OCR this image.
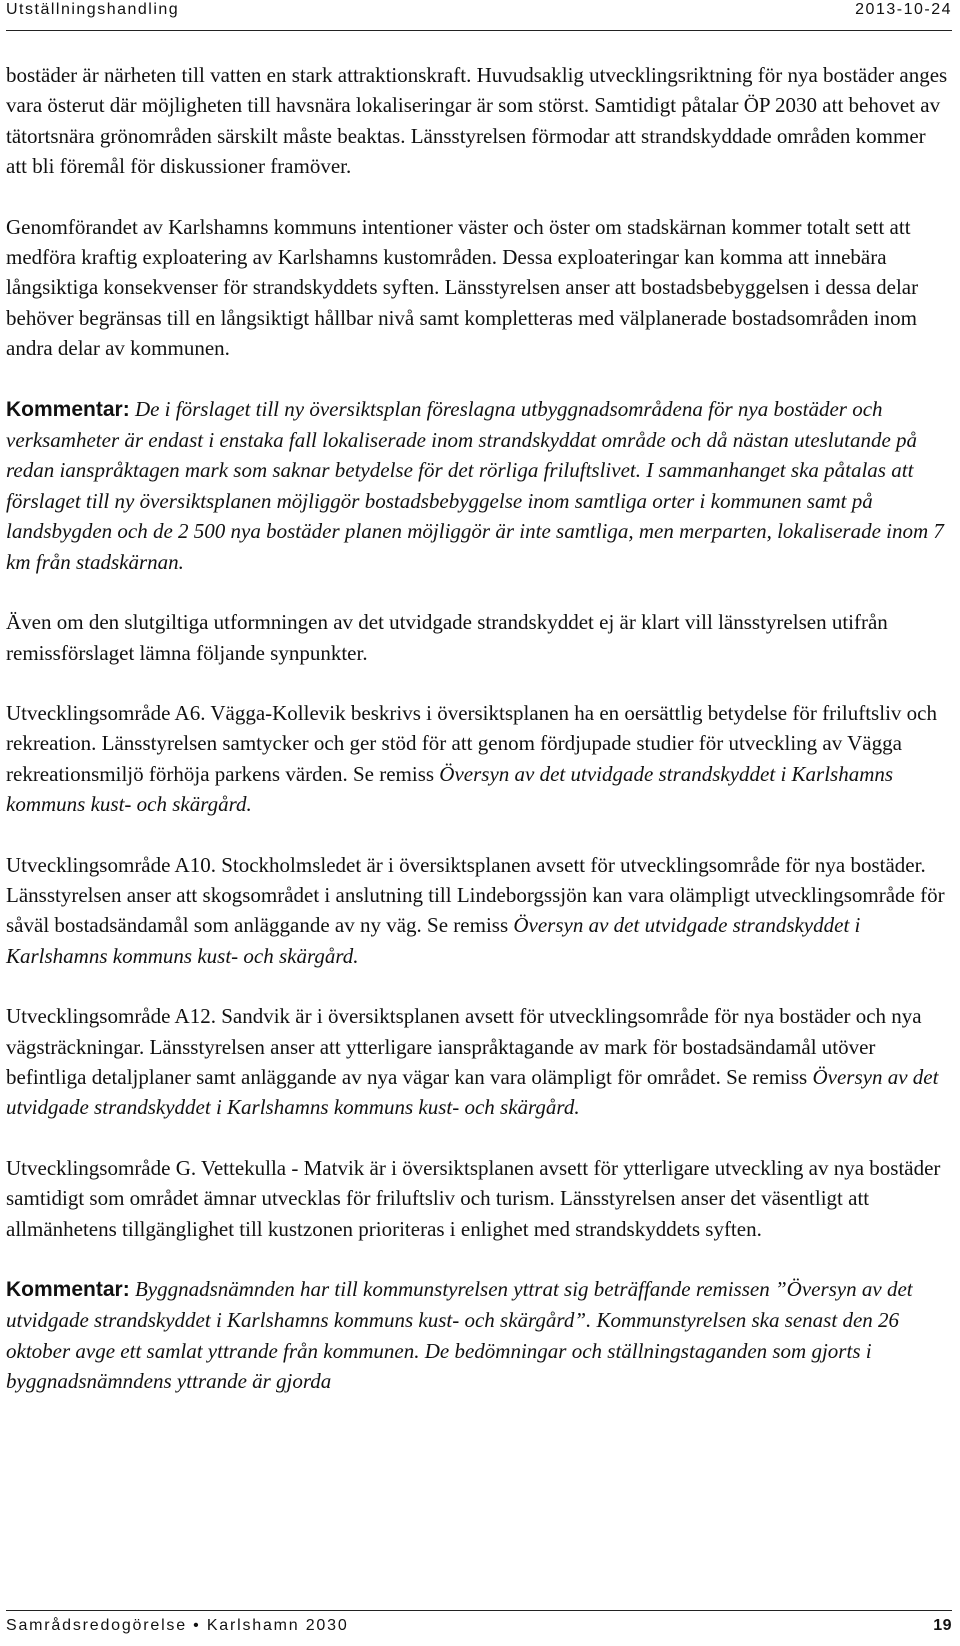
Utställningshandling	2013-10-24

bostäder är närheten till vatten en stark attraktionskraft. Huvudsaklig utvecklingsriktning för nya bostäder anges vara österut där möjligheten till havsnära lokaliseringar är som störst. Samtidigt påtalar ÖP 2030 att behovet av tätortsnära grönområden särskilt måste beaktas. Länsstyrelsen förmodar att strandskyddade områden kommer att bli föremål för diskussioner framöver.

Genomförandet av Karlshamns kommuns intentioner väster och öster om stadskärnan kommer totalt sett att medföra kraftig exploatering av Karlshamns kustområden. Dessa exploateringar kan komma att innebära långsiktiga konsekvenser för strandskyddets syften. Länsstyrelsen anser att bostadsbebyggelsen i dessa delar behöver begränsas till en långsiktigt hållbar nivå samt kompletteras med välplanerade bostadsområden inom andra delar av kommunen.

Kommentar: De i förslaget till ny översiktsplan föreslagna utbyggnadsområdena för nya bostäder och verksamheter är endast i enstaka fall lokaliserade inom strandskyddat område och då nästan uteslutande på redan ianspråktagen mark som saknar betydelse för det rörliga friluftslivet. I sammanhanget ska påtalas att förslaget till ny översiktsplanen möjliggör bostadsbebyggelse inom samtliga orter i kommunen samt på landsbygden och de 2 500 nya bostäder planen möjliggör är inte samtliga, men merparten, lokaliserade inom 7 km från stadskärnan.

Även om den slutgiltiga utformningen av det utvidgade strandskyddet ej är klart vill länsstyrelsen utifrån remissförslaget lämna följande synpunkter.

Utvecklingsområde A6. Vägga-Kollevik beskrivs i översiktsplanen ha en oersättlig betydelse för friluftsliv och rekreation. Länsstyrelsen samtycker och ger stöd för att genom fördjupade studier för utveckling av Vägga rekreationsmiljö förhöja parkens värden. Se remiss Översyn av det utvidgade strandskyddet i Karlshamns kommuns kust- och skärgård.

Utvecklingsområde A10. Stockholmsledet är i översiktsplanen avsett för utvecklingsområde för nya bostäder. Länsstyrelsen anser att skogsområdet i anslutning till Lindeborgssjön kan vara olämpligt utvecklingsområde för såväl bostadsändamål som anläggande av ny väg. Se remiss Översyn av det utvidgade strandskyddet i Karlshamns kommuns kust- och skärgård.

Utvecklingsområde A12. Sandvik är i översiktsplanen avsett för utvecklingsområde för nya bostäder och nya vägsträckningar. Länsstyrelsen anser att ytterligare ianspråktagande av mark för bostadsändamål utöver befintliga detaljplaner samt anläggande av nya vägar kan vara olämpligt för området. Se remiss Översyn av det utvidgade strandskyddet i Karlshamns kommuns kust- och skärgård.

Utvecklingsområde G. Vettekulla - Matvik är i översiktsplanen avsett för ytterligare utveckling av nya bostäder samtidigt som området ämnar utvecklas för friluftsliv och turism. Länsstyrelsen anser det väsentligt att allmänhetens tillgänglighet till kustzonen prioriteras i enlighet med strandskyddets syften.

Kommentar: Byggnadsnämnden har till kommunstyrelsen yttrat sig beträffande remissen ”Översyn av det utvidgade strandskyddet i Karlshamns kommuns kust- och skärgård”. Kommunstyrelsen ska senast den 26 oktober avge ett samlat yttrande från kommunen. De bedömningar och ställningstaganden som gjorts i byggnadsnämndens yttrande är gjorda

Samrådsredogörelse • Karlshamn 2030	19
